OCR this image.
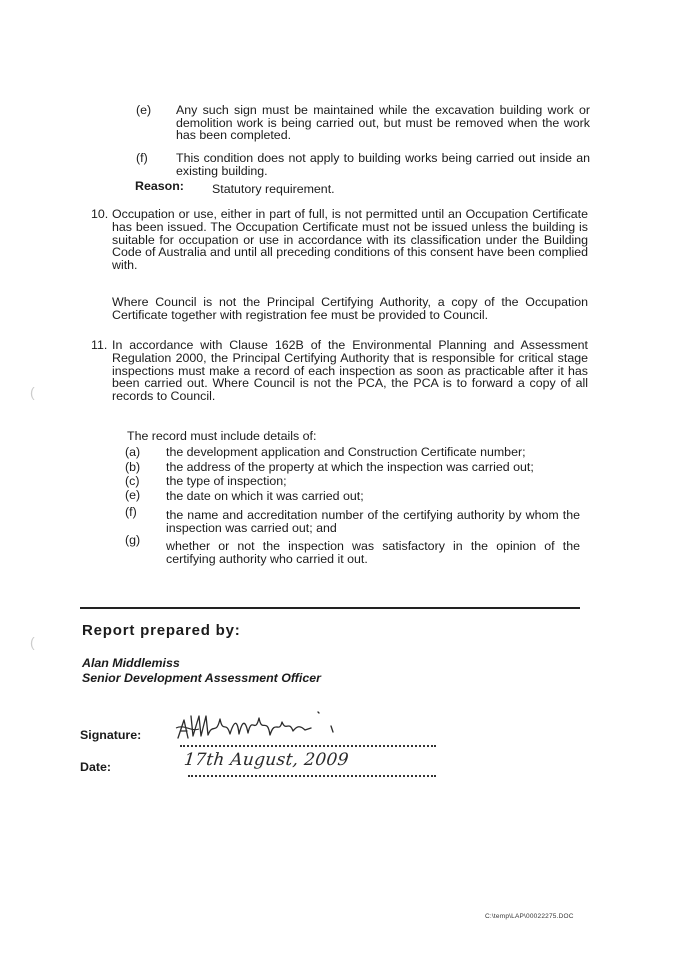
(e)	Any such sign must be maintained while the excavation building work or demolition work is being carried out, but must be removed when the work has been completed.
(f)	This condition does not apply to building works being carried out inside an existing building.
Reason: Statutory requirement.
10. Occupation or use, either in part of full, is not permitted until an Occupation Certificate has been issued. The Occupation Certificate must not be issued unless the building is suitable for occupation or use in accordance with its classification under the Building Code of Australia and until all preceding conditions of this consent have been complied with.
Where Council is not the Principal Certifying Authority, a copy of the Occupation Certificate together with registration fee must be provided to Council.
11. In accordance with Clause 162B of the Environmental Planning and Assessment Regulation 2000, the Principal Certifying Authority that is responsible for critical stage inspections must make a record of each inspection as soon as practicable after it has been carried out. Where Council is not the PCA, the PCA is to forward a copy of all records to Council.
The record must include details of:
(a)	the development application and Construction Certificate number;
(b)	the address of the property at which the inspection was carried out;
(c)	the type of inspection;
(e)	the date on which it was carried out;
(f)	the name and accreditation number of the certifying authority by whom the inspection was carried out; and
(g)	whether or not the inspection was satisfactory in the opinion of the certifying authority who carried it out.
Report prepared by:
Alan Middlemiss
Senior Development Assessment Officer
Signature:
Date:	17th August, 2009
C:\temp\LAP\00022275.DOC
(
(
